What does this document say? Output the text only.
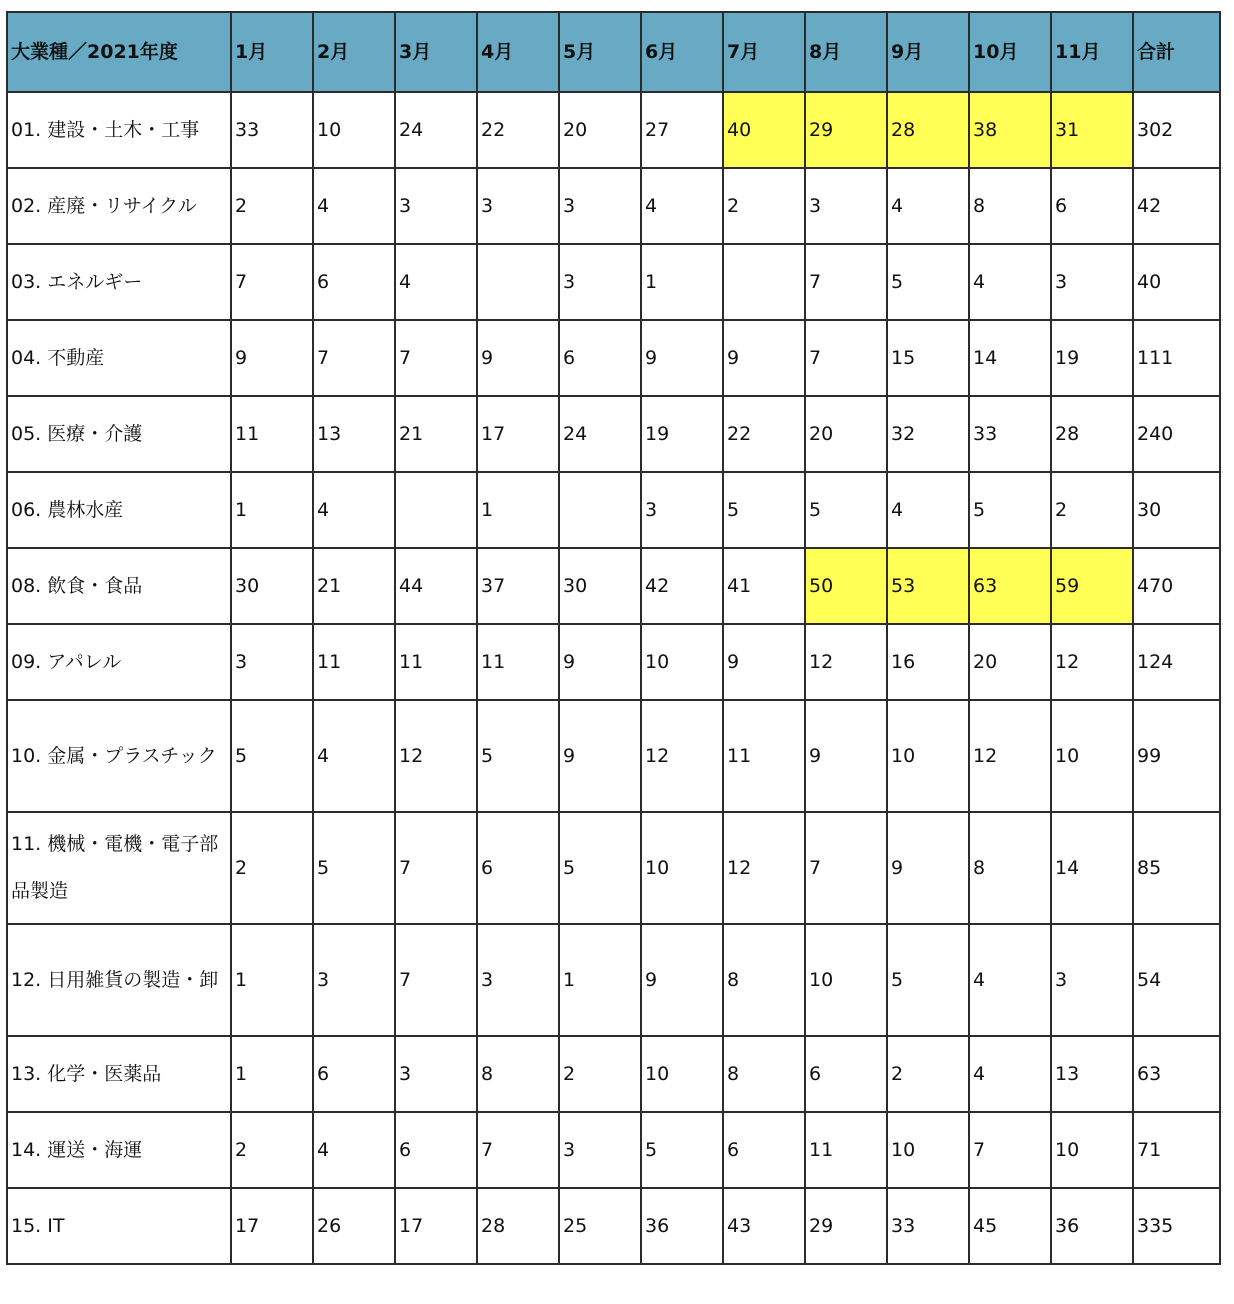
大業種／2021年度	1月	2月	3月	4月	5月	6月	7月	8月	9月	10月	11月	合計
01. 建設・土木・工事	33	10	24	22	20	27	40	29	28	38	31	302
02. 産廃・リサイクル	2	4	3	3	3	4	2	3	4	8	6	42
03. エネルギー	7	6	4		3	1		7	5	4	3	40
04. 不動産	9	7	7	9	6	9	9	7	15	14	19	111
05. 医療・介護	11	13	21	17	24	19	22	20	32	33	28	240
06. 農林水産	1	4		1		3	5	5	4	5	2	30
08. 飲食・食品	30	21	44	37	30	42	41	50	53	63	59	470
09. アパレル	3	11	11	11	9	10	9	12	16	20	12	124
10. 金属・プラスチック	5	4	12	5	9	12	11	9	10	12	10	99
11. 機械・電機・電子部品製造	2	5	7	6	5	10	12	7	9	8	14	85
12. 日用雑貨の製造・卸	1	3	7	3	1	9	8	10	5	4	3	54
13. 化学・医薬品	1	6	3	8	2	10	8	6	2	4	13	63
14. 運送・海運	2	4	6	7	3	5	6	11	10	7	10	71
15. IT	17	26	17	28	25	36	43	29	33	45	36	335
